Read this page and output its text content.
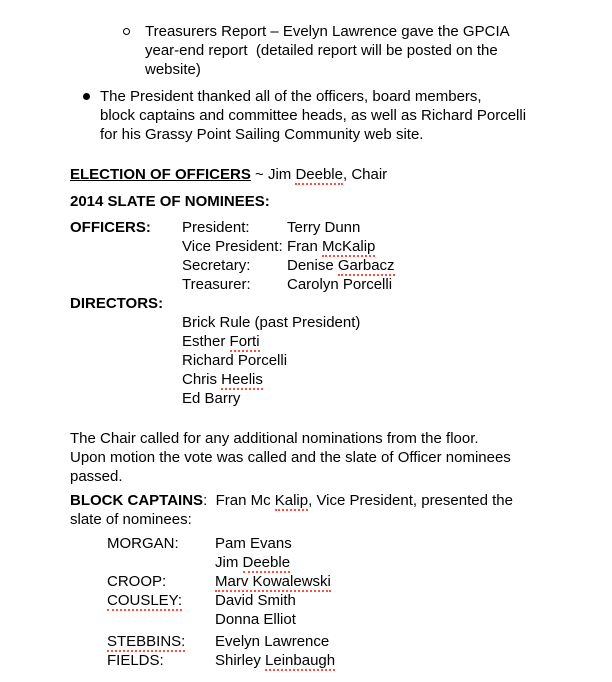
Treasurers Report – Evelyn Lawrence gave the GPCIA
year-end report  (detailed report will be posted on the
website)
The President thanked all of the officers, board members,
block captains and committee heads, as well as Richard Porcelli
for his Grassy Point Sailing Community web site.
ELECTION OF OFFICERS ~ Jim Deeble, Chair
2014 SLATE OF NOMINEES:
OFFICERS:	President:	Terry Dunn
Vice President: Fran McKalip
Secretary:	Denise Garbacz
Treasurer:	Carolyn Porcelli
DIRECTORS:
Brick Rule (past President)
Esther Forti
Richard Porcelli
Chris Heelis
Ed Barry
The Chair called for any additional nominations from the floor.
Upon motion the vote was called and the slate of Officer nominees
passed.
BLOCK CAPTAINS:  Fran Mc Kalip, Vice President, presented the
slate of nominees:
MORGAN:	Pam Evans
Jim Deeble
CROOP:	Marv Kowalewski
COUSLEY:	David Smith
Donna Elliot
STEBBINS:	Evelyn Lawrence
FIELDS:	Shirley Leinbaugh
